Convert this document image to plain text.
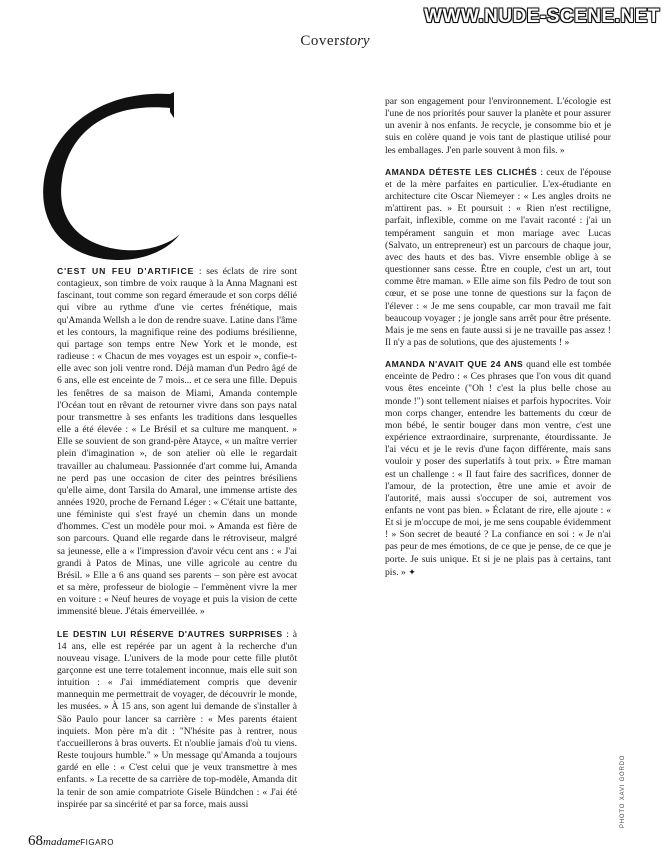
WWW.NUDE-SCENE.NET
Coverstory
C

C'EST UN FEU D'ARTIFICE : ses éclats de rire sont contagieux, son timbre de voix rauque à la Anna Magnani est fascinant, tout comme son regard émeraude et son corps délié qui vibre au rythme d'une vie certes frénétique, mais qu'Amanda Wellsh a le don de rendre suave. Latine dans l'âme et les contours, la magnifique reine des podiums brésilienne, qui partage son temps entre New York et le monde, est radieuse : « Chacun de mes voyages est un espoir », confie-t-elle avec son joli ventre rond. Déjà maman d'un Pedro âgé de 6 ans, elle est enceinte de 7 mois... et ce sera une fille. Depuis les fenêtres de sa maison de Miami, Amanda contemple l'Océan tout en rêvant de retourner vivre dans son pays natal pour transmettre à ses enfants les traditions dans lesquelles elle a été élevée : « Le Brésil et sa culture me manquent. » Elle se souvient de son grand-père Atayce, « un maître verrier plein d'imagination », de son atelier où elle le regardait travailler au chalumeau. Passionnée d'art comme lui, Amanda ne perd pas une occasion de citer des peintres brésiliens qu'elle aime, dont Tarsila do Amaral, une immense artiste des années 1920, proche de Fernand Léger : « C'était une battante, une féministe qui s'est frayé un chemin dans un monde d'hommes. C'est un modèle pour moi. » Amanda est fière de son parcours. Quand elle regarde dans le rétroviseur, malgré sa jeunesse, elle a « l'impression d'avoir vécu cent ans : « J'ai grandi à Patos de Minas, une ville agricole au centre du Brésil. » Elle a 6 ans quand ses parents – son père est avocat et sa mère, professeur de biologie – l'emmènent vivre la mer en voiture : « Neuf heures de voyage et puis la vision de cette immensité bleue. J'étais émerveillée. »

LE DESTIN LUI RÉSERVE D'AUTRES SURPRISES : à 14 ans, elle est repérée par un agent à la recherche d'un nouveau visage. L'univers de la mode pour cette fille plutôt garçonne est une terre totalement inconnue, mais elle suit son intuition : « J'ai immédiatement compris que devenir mannequin me permettrait de voyager, de découvrir le monde, les musées. » À 15 ans, son agent lui demande de s'installer à São Paulo pour lancer sa carrière : « Mes parents étaient inquiets. Mon père m'a dit : "N'hésite pas à rentrer, nous t'accueillerons à bras ouverts. Et n'oublie jamais d'où tu viens. Reste toujours humble." » Un message qu'Amanda a toujours gardé en elle : « C'est celui que je veux transmettre à mes enfants. » La recette de sa carrière de top-modèle, Amanda dit la tenir de son amie compatriote Gisele Bündchen : « J'ai été inspirée par sa sincérité et par sa force, mais aussi

par son engagement pour l'environnement. L'écologie est l'une de nos priorités pour sauver la planète et pour assurer un avenir à nos enfants. Je recycle, je consomme bio et je suis en colère quand je vois tant de plastique utilisé pour les emballages. J'en parle souvent à mon fils. »

AMANDA DÉTESTE LES CLICHÉS : ceux de l'épouse et de la mère parfaites en particulier. L'ex-étudiante en architecture cite Oscar Niemeyer : « Les angles droits ne m'attirent pas. » Et poursuit : « Rien n'est rectiligne, parfait, inflexible, comme on me l'avait raconté : j'ai un tempérament sanguin et mon mariage avec Lucas (Salvato, un entrepreneur) est un parcours de chaque jour, avec des hauts et des bas. Vivre ensemble oblige à se questionner sans cesse. Être en couple, c'est un art, tout comme être maman. » Elle aime son fils Pedro de tout son cœur, et se pose une tonne de questions sur la façon de l'élever : « Je me sens coupable, car mon travail me fait beaucoup voyager ; je jongle sans arrêt pour être présente. Mais je me sens en faute aussi si je ne travaille pas assez ! Il n'y a pas de solutions, que des ajustements ! »

AMANDA N'AVAIT QUE 24 ANS quand elle est tombée enceinte de Pedro : « Ces phrases que l'on vous dit quand vous êtes enceinte ("Oh ! c'est la plus belle chose au monde !") sont tellement niaises et parfois hypocrites. Voir mon corps changer, entendre les battements du cœur de mon bébé, le sentir bouger dans mon ventre, c'est une expérience extraordinaire, surprenante, étourdissante. Je l'ai vécu et je le revis d'une façon différente, mais sans vouloir y poser des superlatifs à tout prix. » Être maman est un challenge : « Il faut faire des sacrifices, donner de l'amour, de la protection, être une amie et avoir de l'autorité, mais aussi s'occuper de soi, autrement vos enfants ne vont pas bien. » Éclatant de rire, elle ajoute : « Et si je m'occupe de moi, je me sens coupable évidemment ! » Son secret de beauté ? La confiance en soi : « Je n'ai pas peur de mes émotions, de ce que je pense, de ce que je porte. Je suis unique. Et si je ne plais pas à certains, tant pis. » ✦

PHOTO XAVI GORDO
68madameFIGARO
